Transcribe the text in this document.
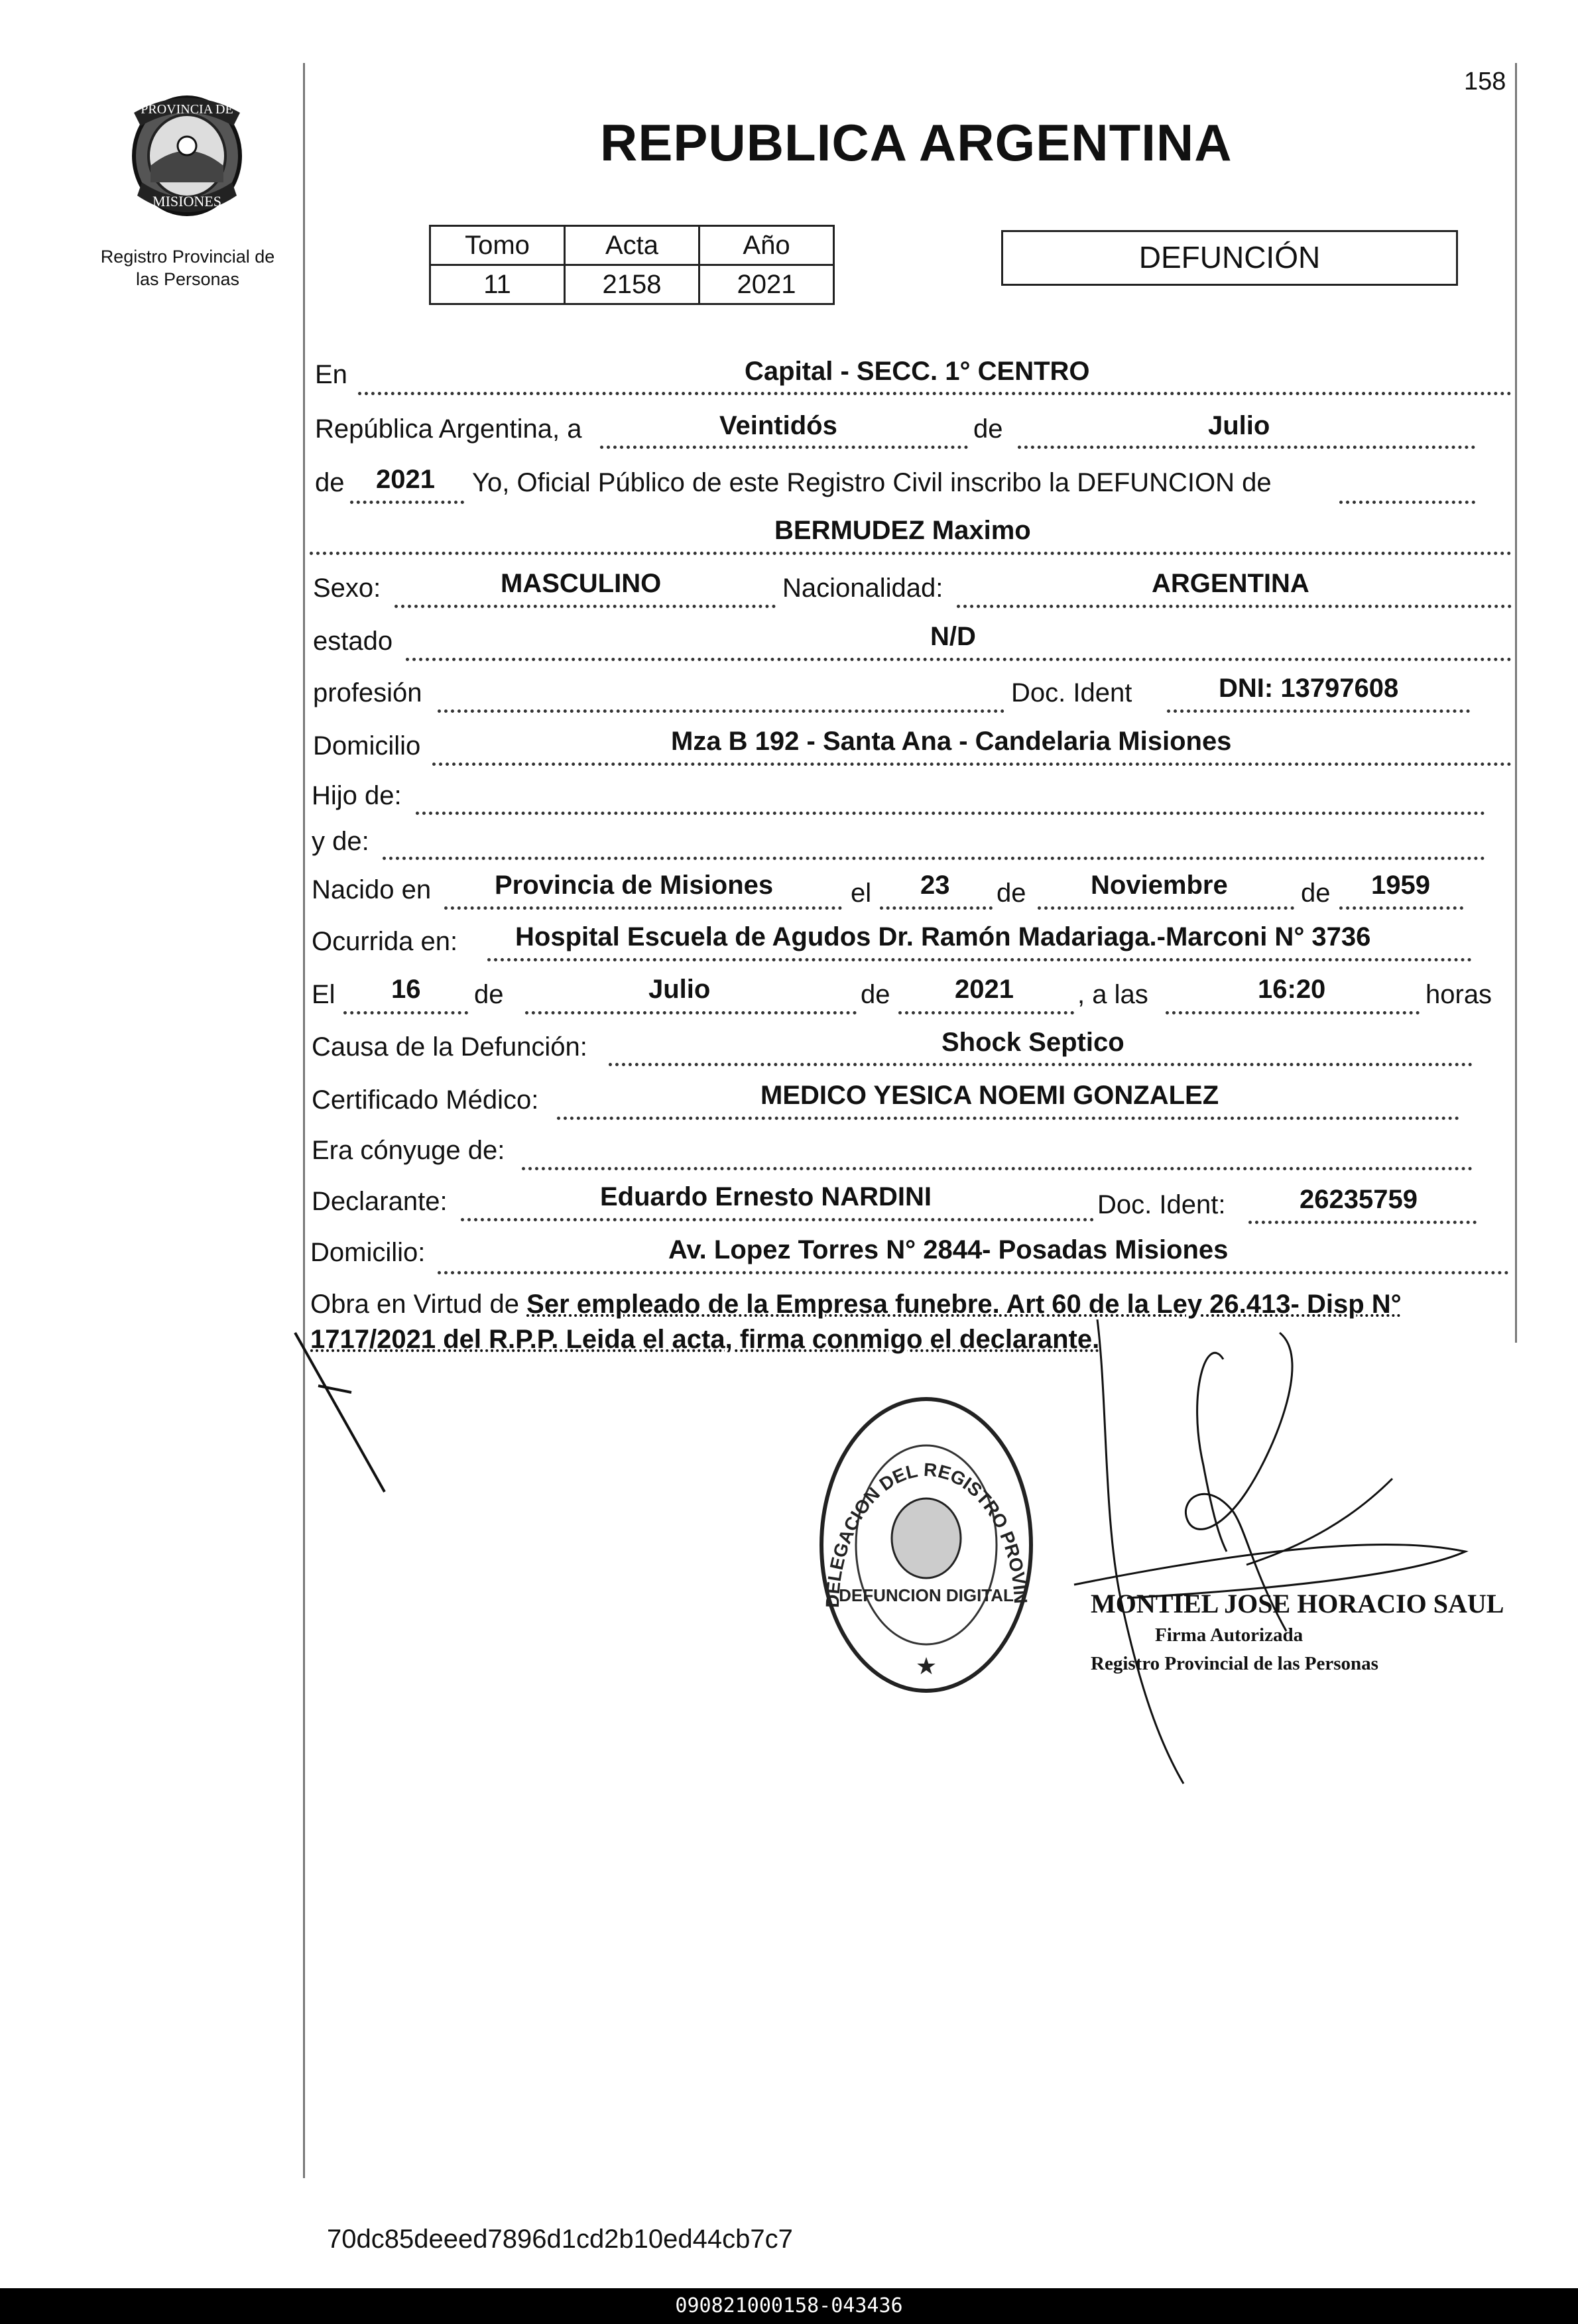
158
PROVINCIA DE
MISIONES
Registro Provincial de
las Personas
REPUBLICA ARGENTINA
Tomo	Acta	Año
11	2158	2021
DEFUNCIÓN
En	Capital - SECC. 1° CENTRO
República Argentina, a	Veintidós	de	Julio
de 2021 Yo, Oficial Público de este Registro Civil inscribo la DEFUNCION de
BERMUDEZ Maximo
Sexo:	MASCULINO	Nacionalidad:	ARGENTINA
estado	N/D
profesión	Doc. Ident	DNI: 13797608
Domicilio	Mza B 192 - Santa Ana - Candelaria Misiones
Hijo de:
y de:
Nacido en Provincia de Misiones	el 23 de Noviembre	de 1959
Ocurrida en: Hospital Escuela de Agudos Dr. Ramón Madariaga.-Marconi N° 3736
El 16 de	Julio	de 2021 , a las	16:20	horas
Causa de la Defunción:	Shock Septico
Certificado Médico:	MEDICO YESICA NOEMI GONZALEZ
Era cónyuge de:
Declarante:	Eduardo Ernesto NARDINI	Doc. Ident:	26235759
Domicilio:	Av. Lopez Torres N° 2844- Posadas Misiones
Obra en Virtud de Ser empleado de la Empresa funebre. Art 60 de la Ley 26.413- Disp N°
1717/2021 del R.P.P. Leida el acta, firma conmigo el declarante.
DELEGACION DEL REGISTRO PROVIN
DEFUNCION DIGITAL
★
MONTIEL JOSE HORACIO SAUL
Firma Autorizada
Registro Provincial de las Personas
70dc85deeed7896d1cd2b10ed44cb7c7
090821000158-043436
